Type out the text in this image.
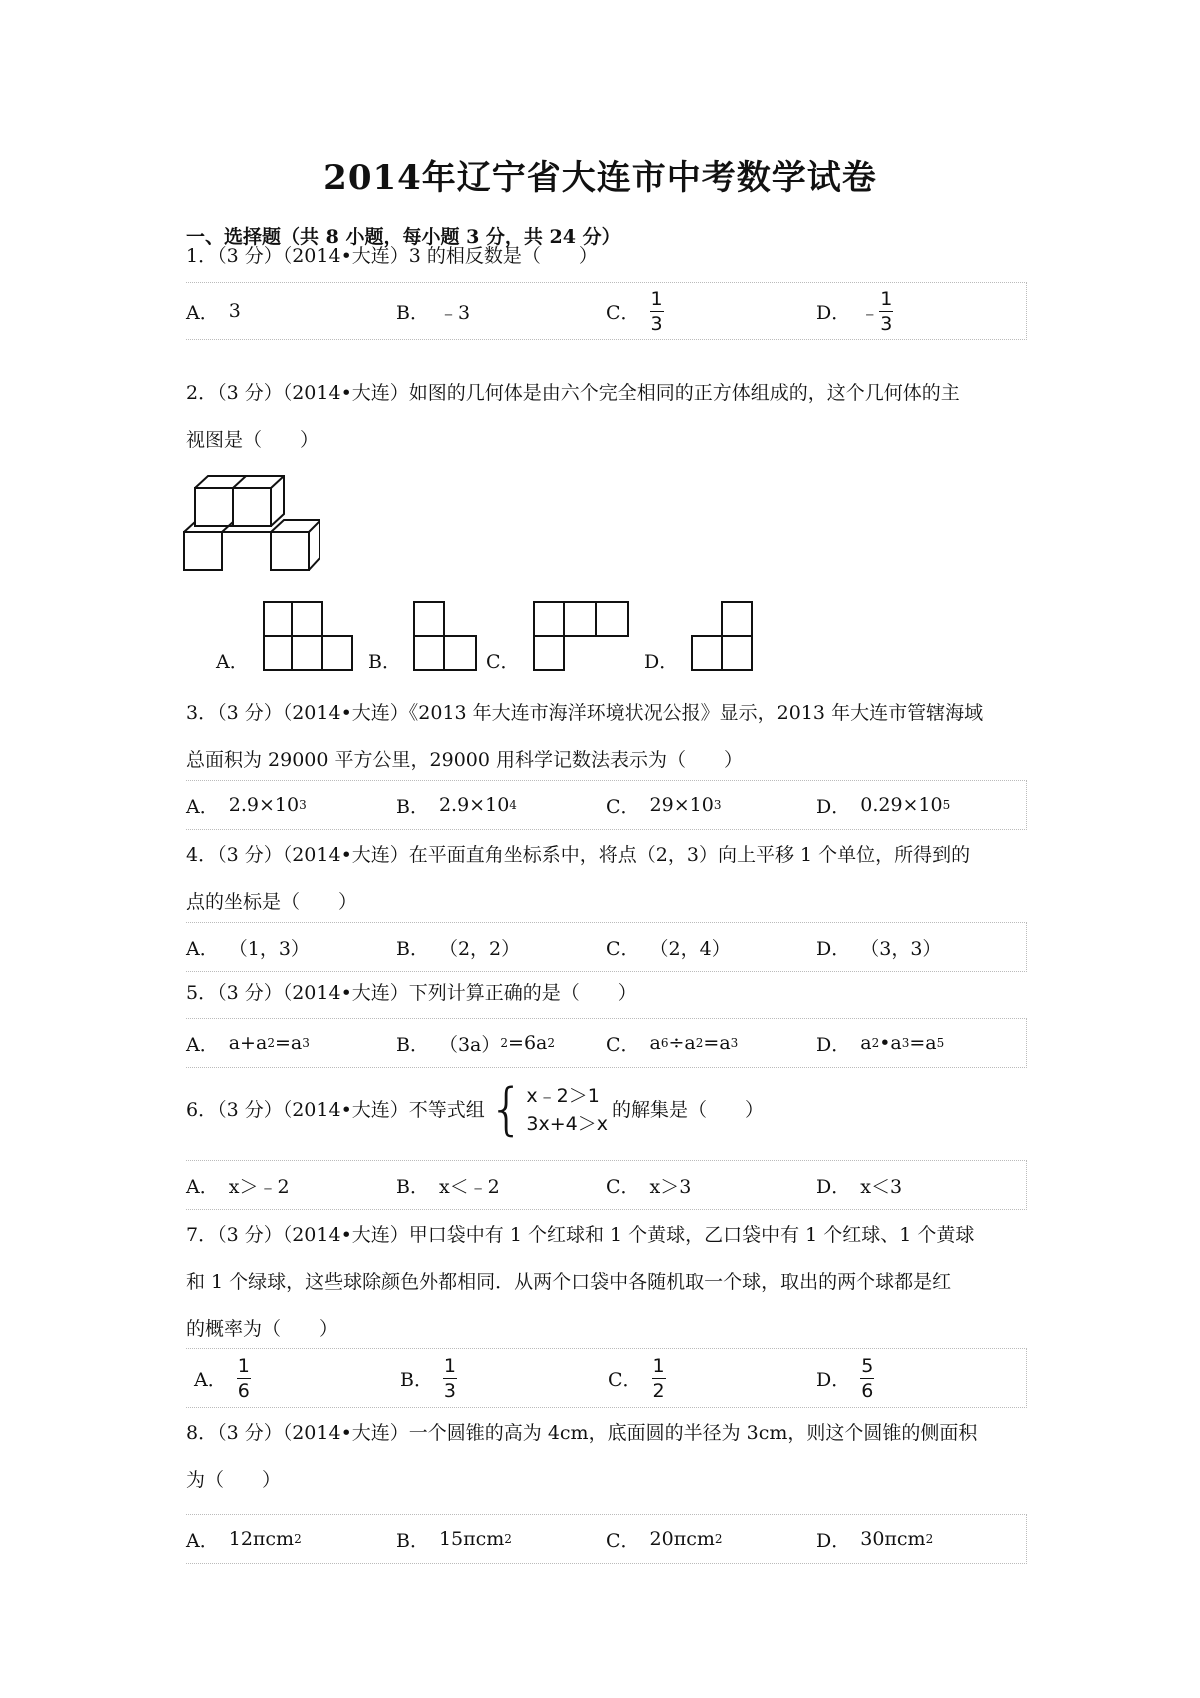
2014年辽宁省大连市中考数学试卷
一、选择题（共 8 小题，每小题 3 分，共 24 分）
1．（3 分）（2014•大连）3 的相反数是（　　）
A． 3	B． ﹣3	C． $\frac{1}{3}$	D． ﹣ $\frac{1}{3}$
2．（3 分）（2014•大连）如图的几何体是由六个完全相同的正方体组成的，这个几何体的主
视图是（　　）
A．	B．	C．	D．
3．（3 分）（2014•大连）《2013 年大连市海洋环境状况公报》显示，2013 年大连市管辖海域
总面积为 29000 平方公里，29000 用科学记数法表示为（　　）
A． 2.9×10 3	B． 2.9×10 4	C． 29×10 3	D． 0.29×10 5
4．（3 分）（2014•大连）在平面直角坐标系中，将点（2，3）向上平移 1 个单位，所得到的
点的坐标是（　　）
A． （1，3）	B． （2，2）	C． （2，4）	D． （3，3）
5．（3 分）（2014•大连）下列计算正确的是（　　）
A． a+a 2 =a 3	B． （3a） 2 =6a 2	C． a 6 ÷a 2 =a 3	D． a 2 •a 3 =a 5
6．（3 分）（2014•大连）不等式组 { x﹣2＞1
3x+4＞x
的解集是（　　）
A． x＞﹣2	B． x＜﹣2	C． x＞3	D． x＜3
7．（3 分）（2014•大连）甲口袋中有 1 个红球和 1 个黄球，乙口袋中有 1 个红球、1 个黄球
和 1 个绿球，这些球除颜色外都相同．从两个口袋中各随机取一个球，取出的两个球都是红
的概率为（　　）
A． $\frac{1}{6}$	B． $\frac{1}{3}$	C． $\frac{1}{2}$	D． $\frac{5}{6}$
8．（3 分）（2014•大连）一个圆锥的高为 4cm，底面圆的半径为 3cm，则这个圆锥的侧面积
为（　　）
A． 12πcm 2	B． 15πcm 2	C． 20πcm 2	D． 30πcm 2
